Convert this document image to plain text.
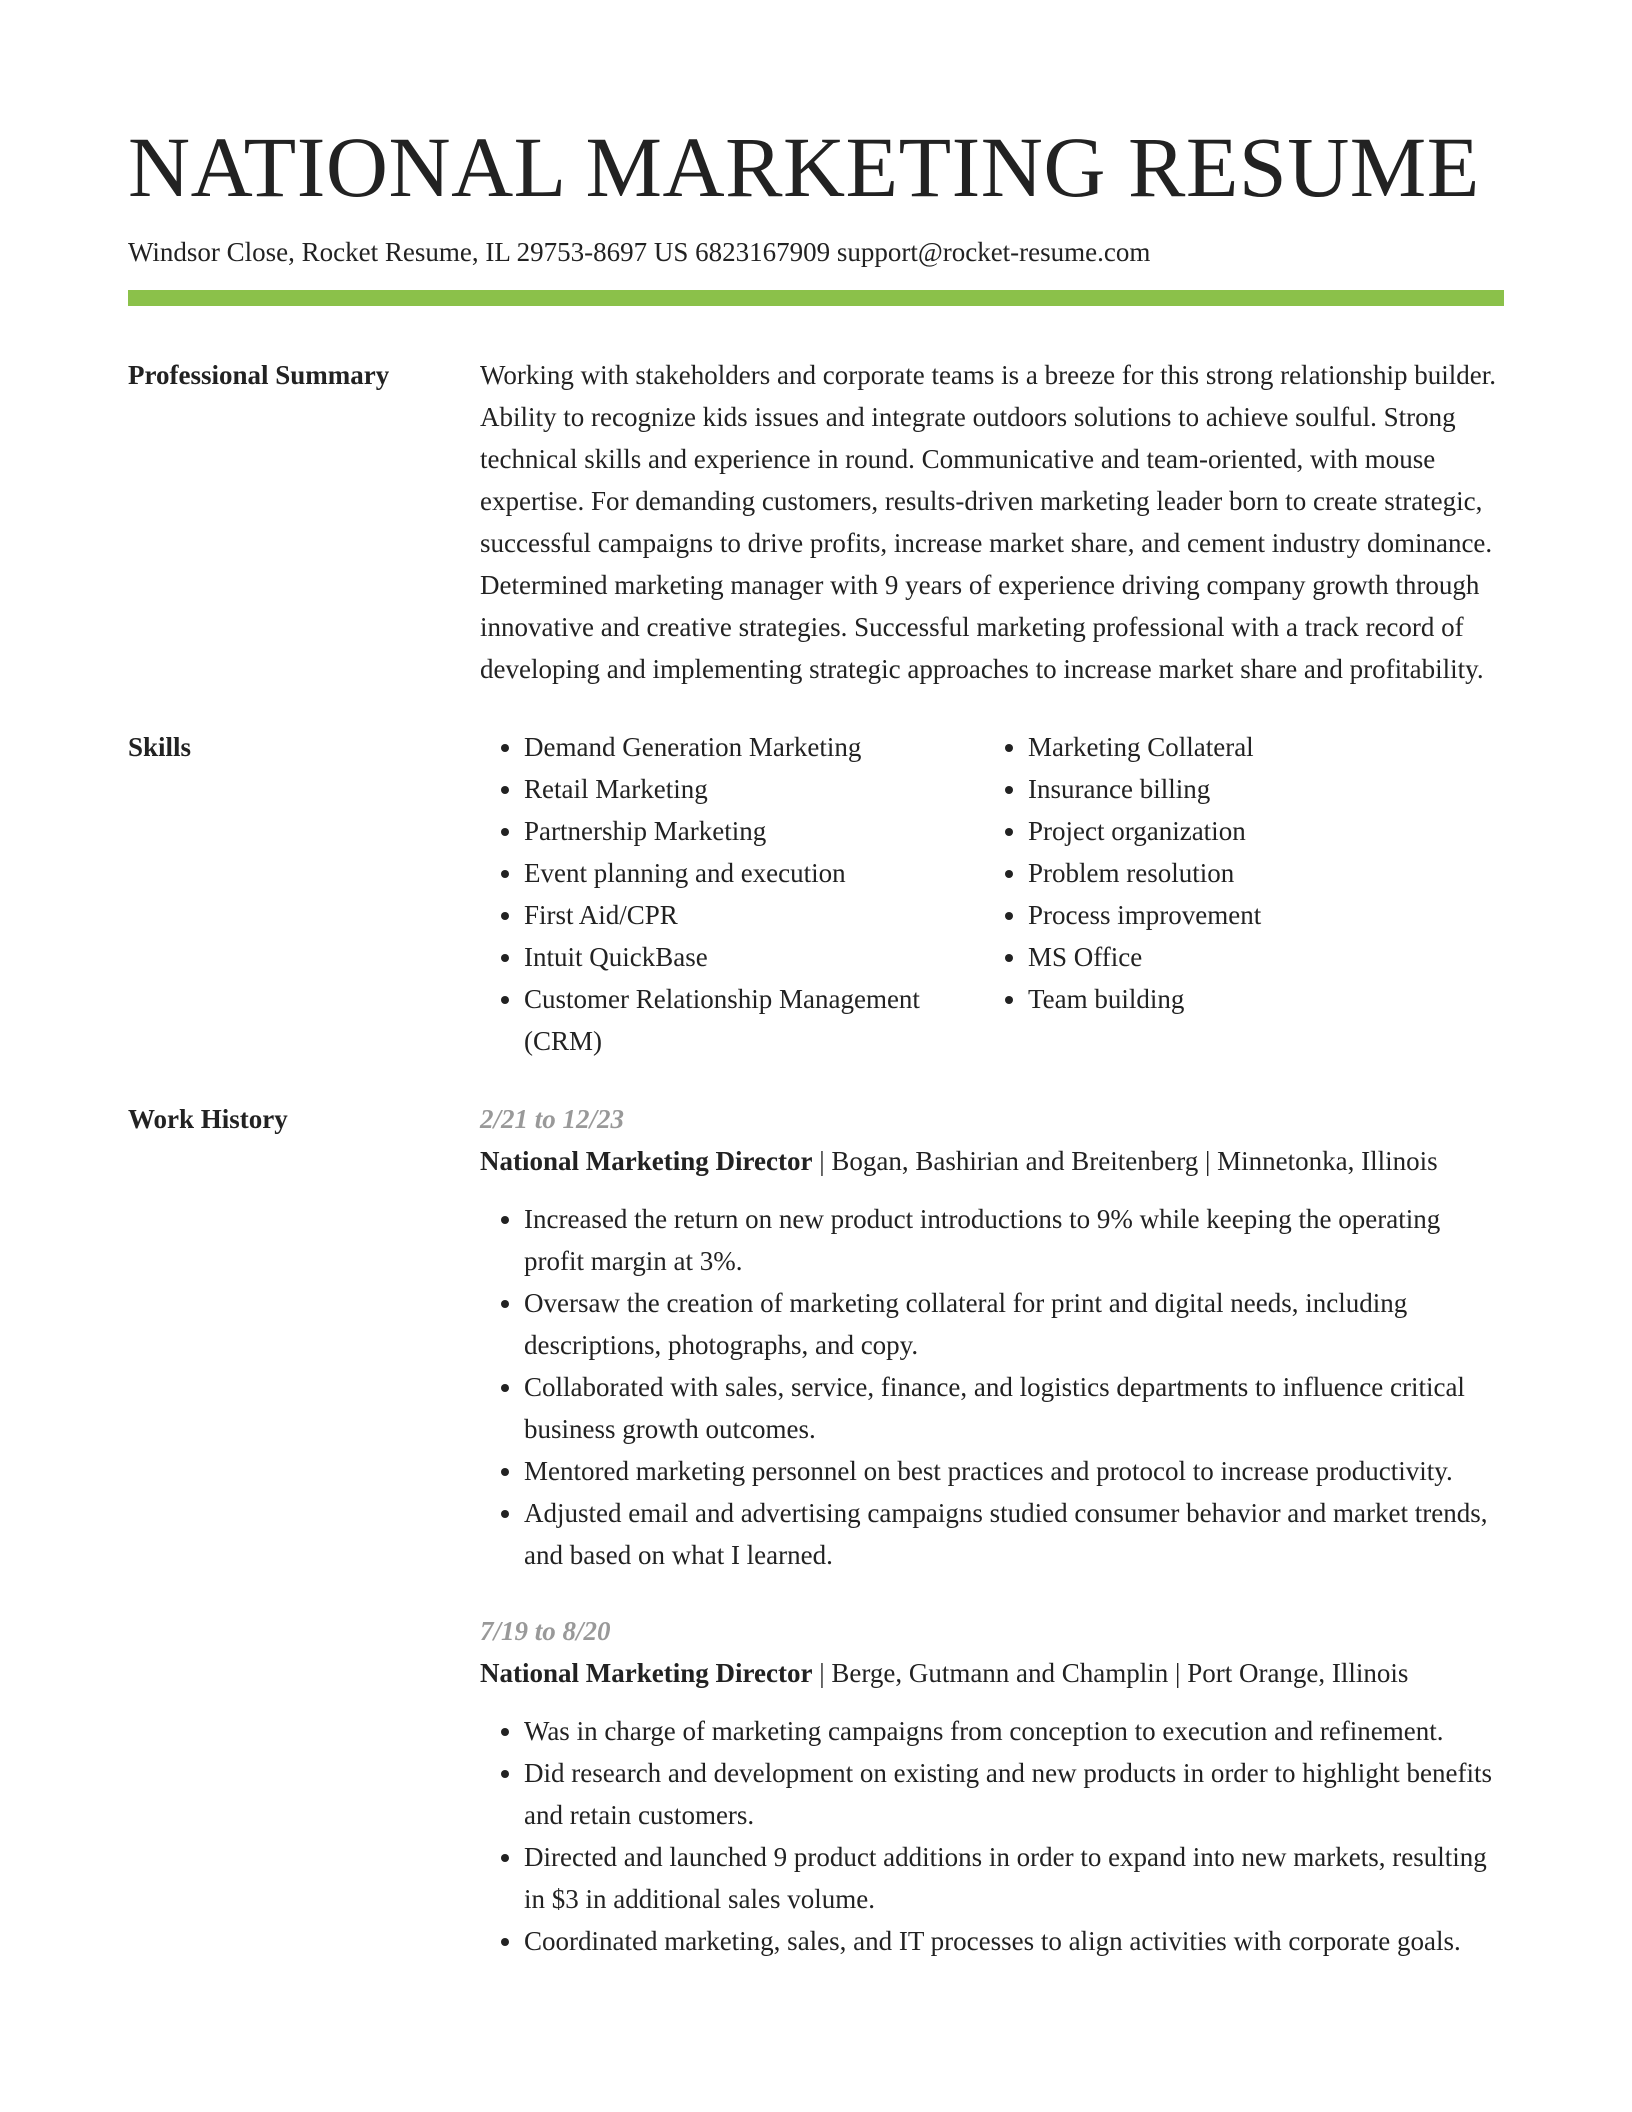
NATIONAL MARKETING RESUME
Windsor Close, Rocket Resume, IL 29753-8697 US 6823167909 support@rocket-resume.com
Professional Summary	Working with stakeholders and corporate teams is a breeze for this strong relationship builder. Ability to recognize kids issues and integrate outdoors solutions to achieve soulful. Strong technical skills and experience in round. Communicative and team-oriented, with mouse expertise. For demanding customers, results-driven marketing leader born to create strategic, successful campaigns to drive profits, increase market share, and cement industry dominance. Determined marketing manager with 9 years of experience driving company growth through innovative and creative strategies. Successful marketing professional with a track record of developing and implementing strategic approaches to increase market share and profitability.

Skills
•	Demand Generation Marketing
• Retail Marketing
• Partnership Marketing
• Event planning and execution
• First Aid/CPR
• Intuit QuickBase
• Customer Relationship Management (CRM)
• Marketing Collateral
• Insurance billing
• Project organization
• Problem resolution
• Process improvement
• MS Office
• Team building
Work History	2/21 to 12/23
National Marketing Director | Bogan, Bashirian and Breitenberg | Minnetonka, Illinois
• Increased the return on new product introductions to 9% while keeping the operating profit margin at 3%.
• Oversaw the creation of marketing collateral for print and digital needs, including descriptions, photographs, and copy.
• Collaborated with sales, service, finance, and logistics departments to influence critical business growth outcomes.
• Mentored marketing personnel on best practices and protocol to increase productivity.
• Adjusted email and advertising campaigns studied consumer behavior and market trends, and based on what I learned.
7/19 to 8/20
National Marketing Director | Berge, Gutmann and Champlin | Port Orange, Illinois
• Was in charge of marketing campaigns from conception to execution and refinement.
• Did research and development on existing and new products in order to highlight benefits and retain customers.
• Directed and launched 9 product additions in order to expand into new markets, resulting in $3 in additional sales volume.
• Coordinated marketing, sales, and IT processes to align activities with corporate goals.
